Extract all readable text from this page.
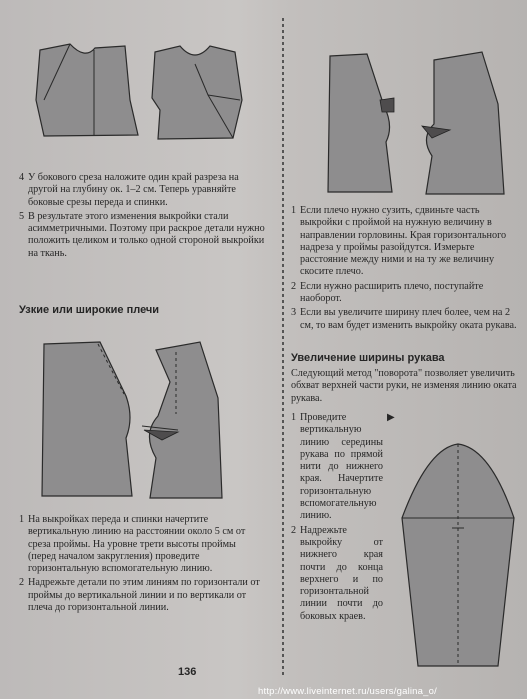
4 У бокового среза наложите один край разреза на другой на глубину ок. 1–2 см. Теперь уравняйте боковые срезы переда и спинки.
5 В результате этого изменения выкройки стали асимметричными. Поэтому при раскрое детали нужно положить целиком и только одной стороной выкройки на ткань.
Узкие или широкие плечи
1 На выкройках переда и спинки начертите вертикальную линию на расстоянии около 5 см от среза проймы. На уровне трети высоты проймы (перед началом закругления) проведите горизонтальную вспомогательную линию.
2 Надрежьте детали по этим линиям по горизонтали от проймы до вертикальной линии и по вертикали от плеча до горизонтальной линии.
1 Если плечо нужно сузить, сдвиньте часть выкройки с проймой на нужную величину в направлении горловины. Края горизонтального надреза у проймы разойдутся. Измерьте расстояние между ними и на ту же величину скосите плечо.
2 Если нужно расширить плечо, поступайте наоборот.
3 Если вы увеличите ширину плеч более, чем на 2 см, то вам будет изменить выкройку оката рукава.
Увеличение ширины рукава
Следующий метод "поворота" позволяет увеличить обхват верхней части руки, не изменяя линию оката рукава.
1 Проведите вертикальную линию середины рукава по прямой нити до нижнего края. Начертите горизонтальную вспомогательную линию.
2 Надрежьте выкройку от нижнего края почти до конца верхнего и по горизонтальной линии почти до боковых краев.
▶
136
http://www.liveinternet.ru/users/galina_o/
